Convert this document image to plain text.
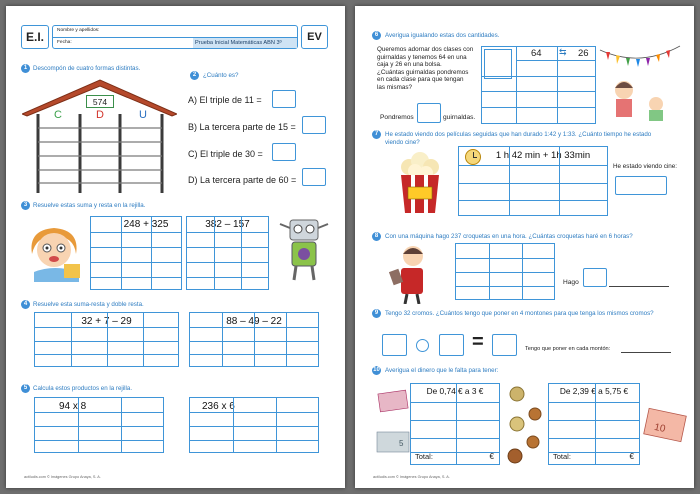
E.I.	Nombre y apellidos:
Fecha:	Prueba Inicial Matemáticas ABN 3º	EV
1 Descompón de cuatro formas distintas.
574
C	D	U
2	¿Cuánto es?
A) El triple de 11 =
B) La tercera parte de 15 =
C) El triple de 30 =
D) La tercera parte de 60 =
3 Resuelve estas suma y resta en la rejilla.
248 + 325	382 – 157
4 Resuelve esta suma-resta y doble resta.
32 + 7 – 29	88 – 49 – 22
5 Calcula estos productos en la rejilla.
94 x 8	236 x 6
actiludis.com © Imágenes Grupo Anaya, S. A.
6	Averigua igualando estas dos cantidades.
Queremos adornar dos clases con
guirnaldas y tenemos 64 en una
caja y 26 en una bolsa.
¿Cuántas guirnaldas pondremos
en cada clase para que tengan
las mismas?
64 ⇆ 26
Pondremos	guirnaldas.
7	He estado viendo dos películas seguidas que han durado 1:42 y 1:33. ¿Cuánto tiempo he estado
viendo cine?
1 h 42 min + 1h 33min
He estado viendo cine:
8	Con una máquina hago 237 croquetas en una hora. ¿Cuántas croquetas haré en 6 horas?
Hago
9	Tengo 32 cromos. ¿Cuántos tengo que poner en 4 montones para que tenga los mismos cromos?
=	Tengo que poner en cada montón:
10 Averigua el dinero que le falta para tener:
5
De 0,74 € a 3 €
Total:	€
De 2,39 € a 5,75 €
Total:	€
10
actiludis.com © Imágenes Grupo Anaya, S. A.
